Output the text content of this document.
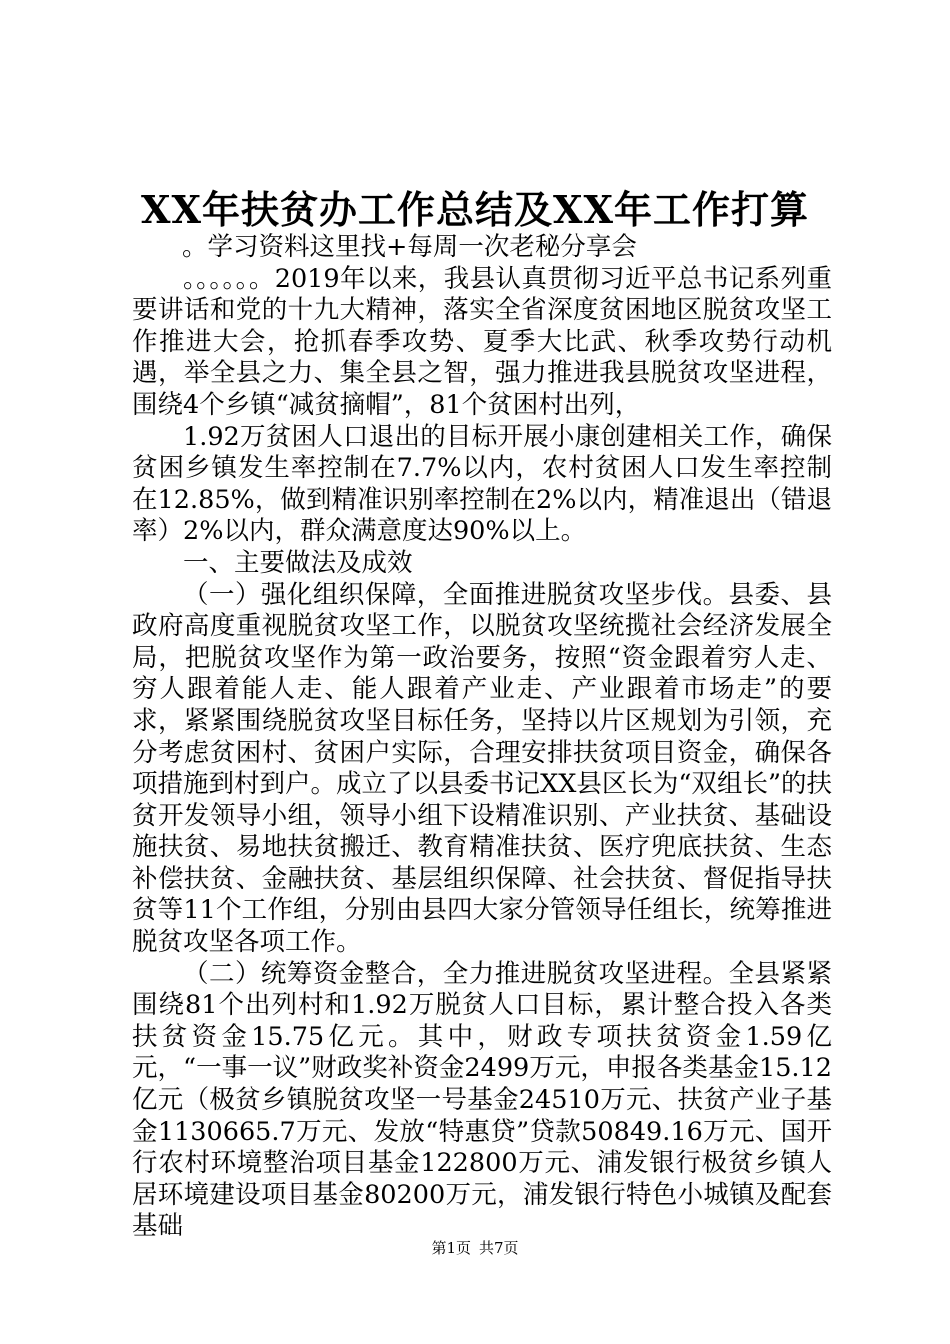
XX年扶贫办工作总结及XX年工作打算

。学习资料这里找+每周一次老秘分享会

。。。。。。2019年以来，我县认真贯彻习近平总书记系列重要讲话和党的十九大精神，落实全省深度贫困地区脱贫攻坚工作推进大会，抢抓春季攻势、夏季大比武、秋季攻势行动机遇，举全县之力、集全县之智，强力推进我县脱贫攻坚进程，围绕4个乡镇“减贫摘帽”，81个贫困村出列，

1.92万贫困人口退出的目标开展小康创建相关工作，确保贫困乡镇发生率控制在7.7%以内，农村贫困人口发生率控制在12.85%，做到精准识别率控制在2%以内，精准退出（错退率）2%以内，群众满意度达90%以上。

一、主要做法及成效

（一）强化组织保障，全面推进脱贫攻坚步伐。县委、县政府高度重视脱贫攻坚工作，以脱贫攻坚统揽社会经济发展全局，把脱贫攻坚作为第一政治要务，按照“资金跟着穷人走、穷人跟着能人走、能人跟着产业走、产业跟着市场走”的要求，紧紧围绕脱贫攻坚目标任务，坚持以片区规划为引领，充分考虑贫困村、贫困户实际，合理安排扶贫项目资金，确保各项措施到村到户。成立了以县委书记XX县区长为“双组长”的扶贫开发领导小组，领导小组下设精准识别、产业扶贫、基础设施扶贫、易地扶贫搬迁、教育精准扶贫、医疗兜底扶贫、生态补偿扶贫、金融扶贫、基层组织保障、社会扶贫、督促指导扶贫等11个工作组，分别由县四大家分管领导任组长，统筹推进脱贫攻坚各项工作。

（二）统筹资金整合，全力推进脱贫攻坚进程。全县紧紧围绕81个出列村和1.92万脱贫人口目标，累计整合投入各类扶贫资金15.75亿元。其中，财政专项扶贫资金1.59亿元，“一事一议”财政奖补资金2499万元，申报各类基金15.12亿元（极贫乡镇脱贫攻坚一号基金24510万元、扶贫产业子基金1130665.7万元、发放“特惠贷”贷款50849.16万元、国开行农村环境整治项目基金122800万元、浦发银行极贫乡镇人居环境建设项目基金80200万元，浦发银行特色小城镇及配套基础

第1页 共7页
